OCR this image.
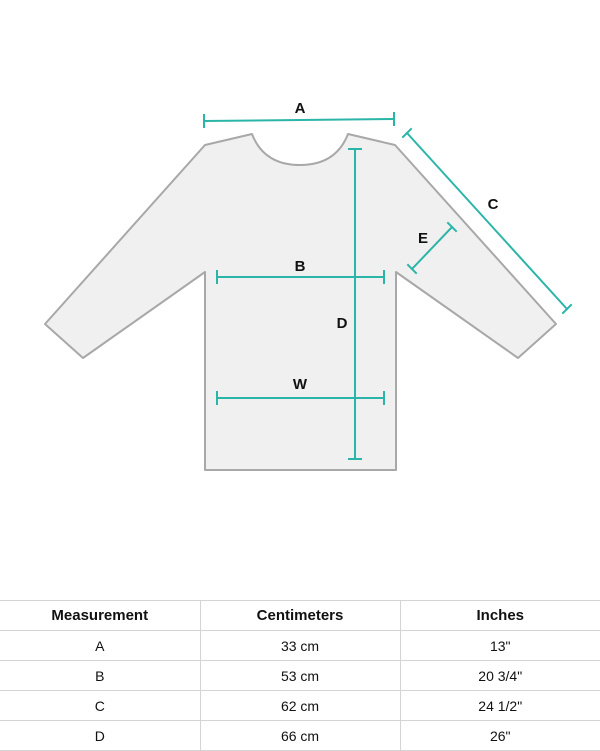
A
C
E
B
D
W
Measurement	Centimeters	Inches
A	33 cm	13"
B	53 cm	20 3/4"
C	62 cm	24 1/2"
D	66 cm	26"
